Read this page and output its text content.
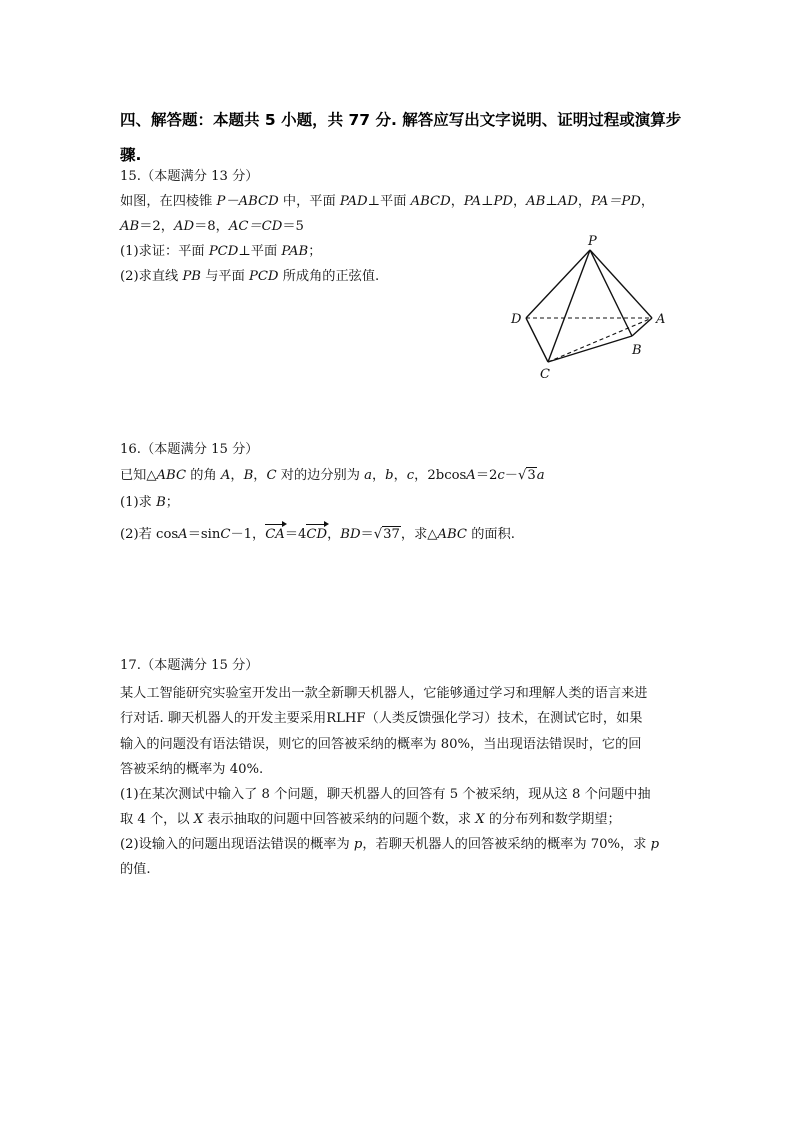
四、解答题：本题共 5 小题，共 77 分. 解答应写出文字说明、证明过程或演算步
骤.
15.（本题满分 13 分）
如图，在四棱锥 P－ABCD 中，平面 PAD⊥平面 ABCD，PA⊥PD，AB⊥AD，PA＝PD，
AB＝2，AD＝8，AC＝CD＝5
(1)求证：平面 PCD⊥平面 PAB；
(2)求直线 PB 与平面 PCD 所成角的正弦值.
P
D	A
B
C
16.（本题满分 15 分）
已知△ABC 的角 A，B，C 对的边分别为 a，b，c，2bcosA＝2c－√3a
(1)求 B；
(2)若 cosA＝sinC－1，CA＝4CD，BD＝√37，求△ABC 的面积.
17.（本题满分 15 分）
某人工智能研究实验室开发出一款全新聊天机器人，它能够通过学习和理解人类的语言来进
行对话. 聊天机器人的开发主要采用RLHF（人类反馈强化学习）技术，在测试它时，如果
输入的问题没有语法错误，则它的回答被采纳的概率为 80%，当出现语法错误时，它的回
答被采纳的概率为 40%.
(1)在某次测试中输入了 8 个问题，聊天机器人的回答有 5 个被采纳，现从这 8 个问题中抽
取 4 个，以 X 表示抽取的问题中回答被采纳的问题个数，求 X 的分布列和数学期望；
(2)设输入的问题出现语法错误的概率为 p，若聊天机器人的回答被采纳的概率为 70%，求 p
的值.
